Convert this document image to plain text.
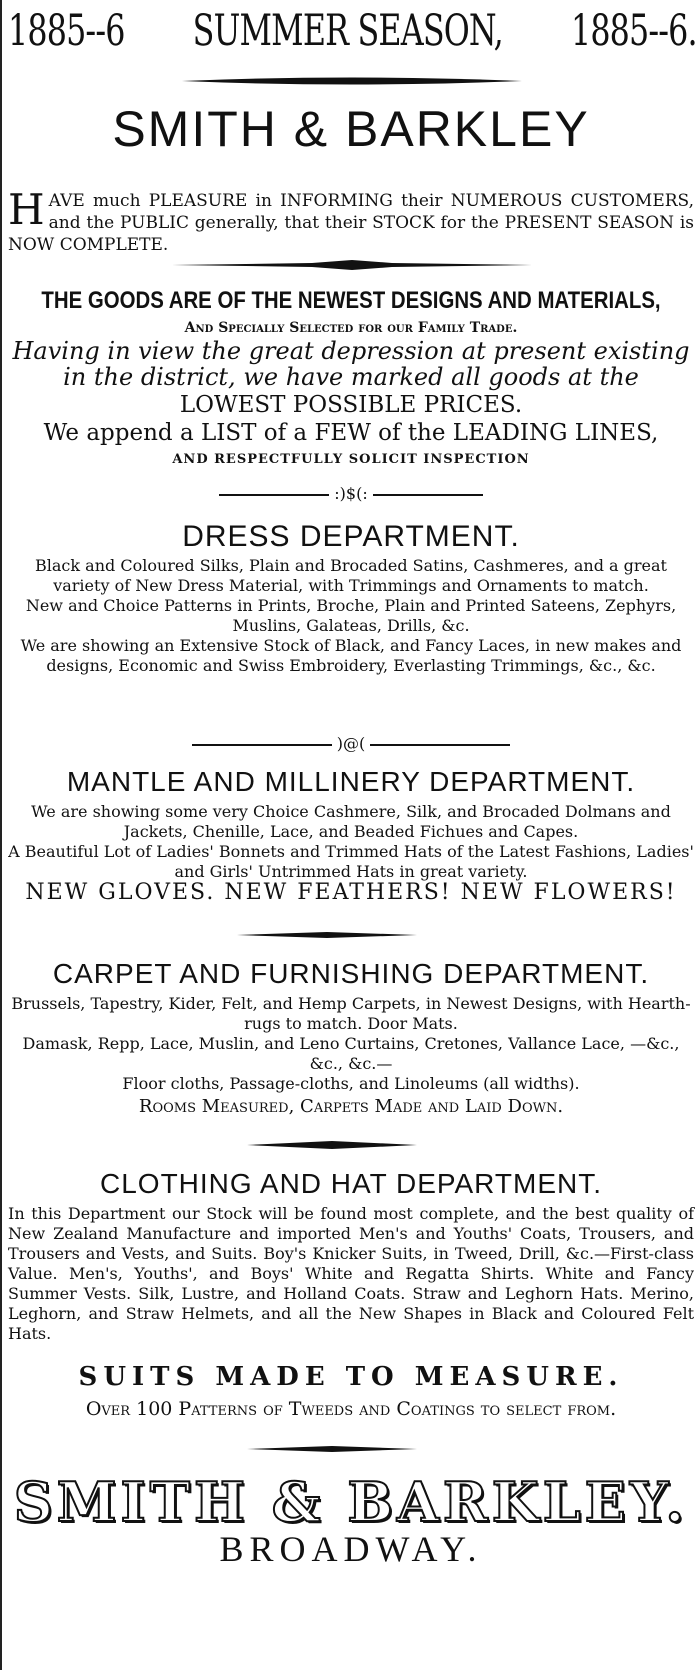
1885--6 SUMMER SEASON, 1885--6.
SMITH & BARKLEY
H AVE much PLEASURE in INFORMING their NUMEROUS CUSTOMERS, and the PUBLIC generally, that their STOCK for the PRESENT SEASON is NOW COMPLETE.
THE GOODS ARE OF THE NEWEST DESIGNS AND MATERIALS,
And Specially Selected for our Family Trade.
Having in view the great depression at present existing
in the district, we have marked all goods at the
LOWEST POSSIBLE PRICES.
We append a LIST of a FEW of the LEADING LINES,
AND RESPECTFULLY SOLICIT INSPECTION
:)$(:
DRESS DEPARTMENT.

Black and Coloured Silks, Plain and Brocaded Satins, Cashmeres, and a great variety of New Dress Material, with Trimmings and Ornaments to match.

New and Choice Patterns in Prints, Broche, Plain and Printed Sateens, Zephyrs, Muslins, Galateas, Drills, &c.

We are showing an Extensive Stock of Black, and Fancy Laces, in new makes and designs, Economic and Swiss Embroidery, Everlasting Trimmings, &c., &c.

)@(
MANTLE AND MILLINERY DEPARTMENT.

We are showing some very Choice Cashmere, Silk, and Brocaded Dolmans and Jackets, Chenille, Lace, and Beaded Fichues and Capes.

A Beautiful Lot of Ladies' Bonnets and Trimmed Hats of the Latest Fashions, Ladies' and Girls' Untrimmed Hats in great variety.

NEW GLOVES. NEW FEATHERS! NEW FLOWERS!
CARPET AND FURNISHING DEPARTMENT.

Brussels, Tapestry, Kider, Felt, and Hemp Carpets, in Newest Designs, with Hearth-rugs to match. Door Mats.

Damask, Repp, Lace, Muslin, and Leno Curtains, Cretones, Vallance Lace, —&c., &c., &c.—

Floor cloths, Passage-cloths, and Linoleums (all widths).

Rooms Measured, Carpets Made and Laid Down.
CLOTHING AND HAT DEPARTMENT.

In this Department our Stock will be found most complete, and the best quality of New Zealand Manufacture and imported Men's and Youths' Coats, Trousers, and Trousers and Vests, and Suits. Boy's Knicker Suits, in Tweed, Drill, &c.—First-class Value. Men's, Youths', and Boys' White and Regatta Shirts. White and Fancy Summer Vests. Silk, Lustre, and Holland Coats. Straw and Leghorn Hats. Merino, Leghorn, and Straw Helmets, and all the New Shapes in Black and Coloured Felt Hats.

SUITS MADE TO MEASURE.
Over 100 Patterns of Tweeds and Coatings to select from.
SMITH & BARKLEY.
BROADWAY.
